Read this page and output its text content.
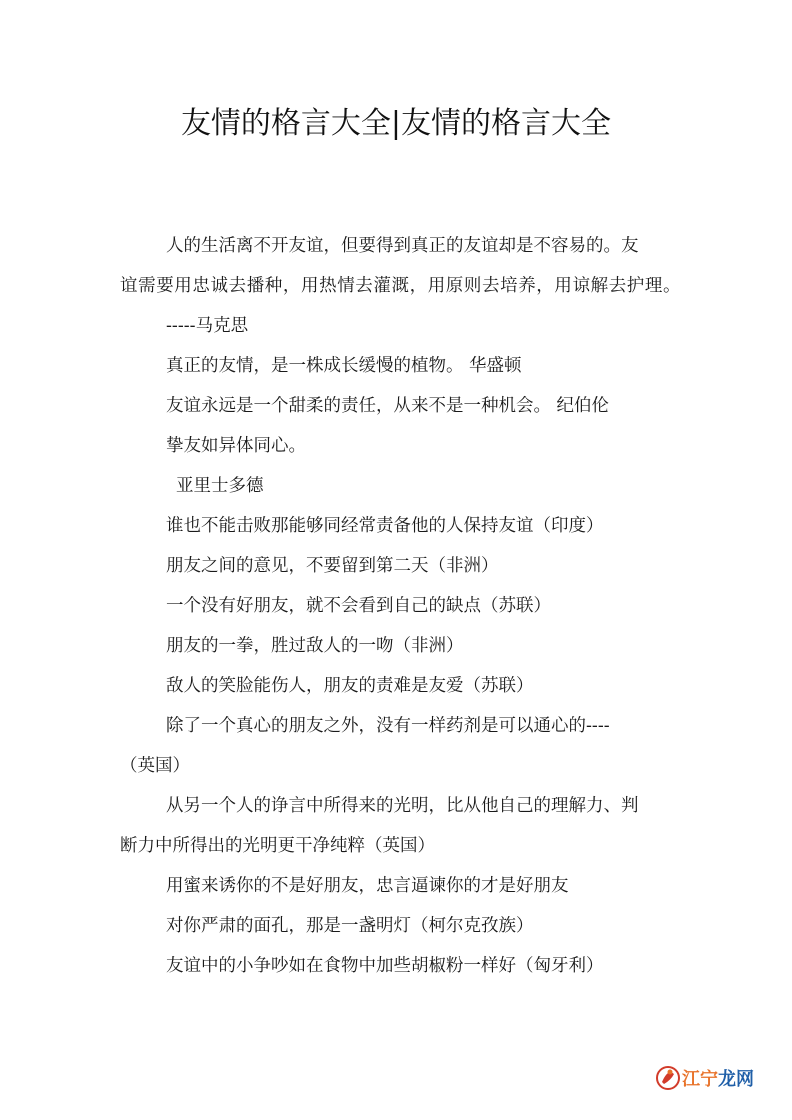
友情的格言大全|友情的格言大全
人的生活离不开友谊，但要得到真正的友谊却是不容易的。友
谊需要用忠诚去播种，用热情去灌溉，用原则去培养，用谅解去护理。
-----马克思
真正的友情，是一株成长缓慢的植物。 华盛顿
友谊永远是一个甜柔的责任，从来不是一种机会。 纪伯伦
挚友如异体同心。
亚里士多德
谁也不能击败那能够同经常责备他的人保持友谊（印度）
朋友之间的意见，不要留到第二天（非洲）
一个没有好朋友，就不会看到自己的缺点（苏联）
朋友的一拳，胜过敌人的一吻（非洲）
敌人的笑脸能伤人，朋友的责难是友爱（苏联）
除了一个真心的朋友之外，没有一样药剂是可以通心的----
（英国）
从另一个人的诤言中所得来的光明，比从他自己的理解力、判
断力中所得出的光明更干净纯粹（英国）
用蜜来诱你的不是好朋友，忠言逼谏你的才是好朋友
对你严肃的面孔，那是一盏明灯（柯尔克孜族）
友谊中的小争吵如在食物中加些胡椒粉一样好（匈牙利）
江宁龙网
